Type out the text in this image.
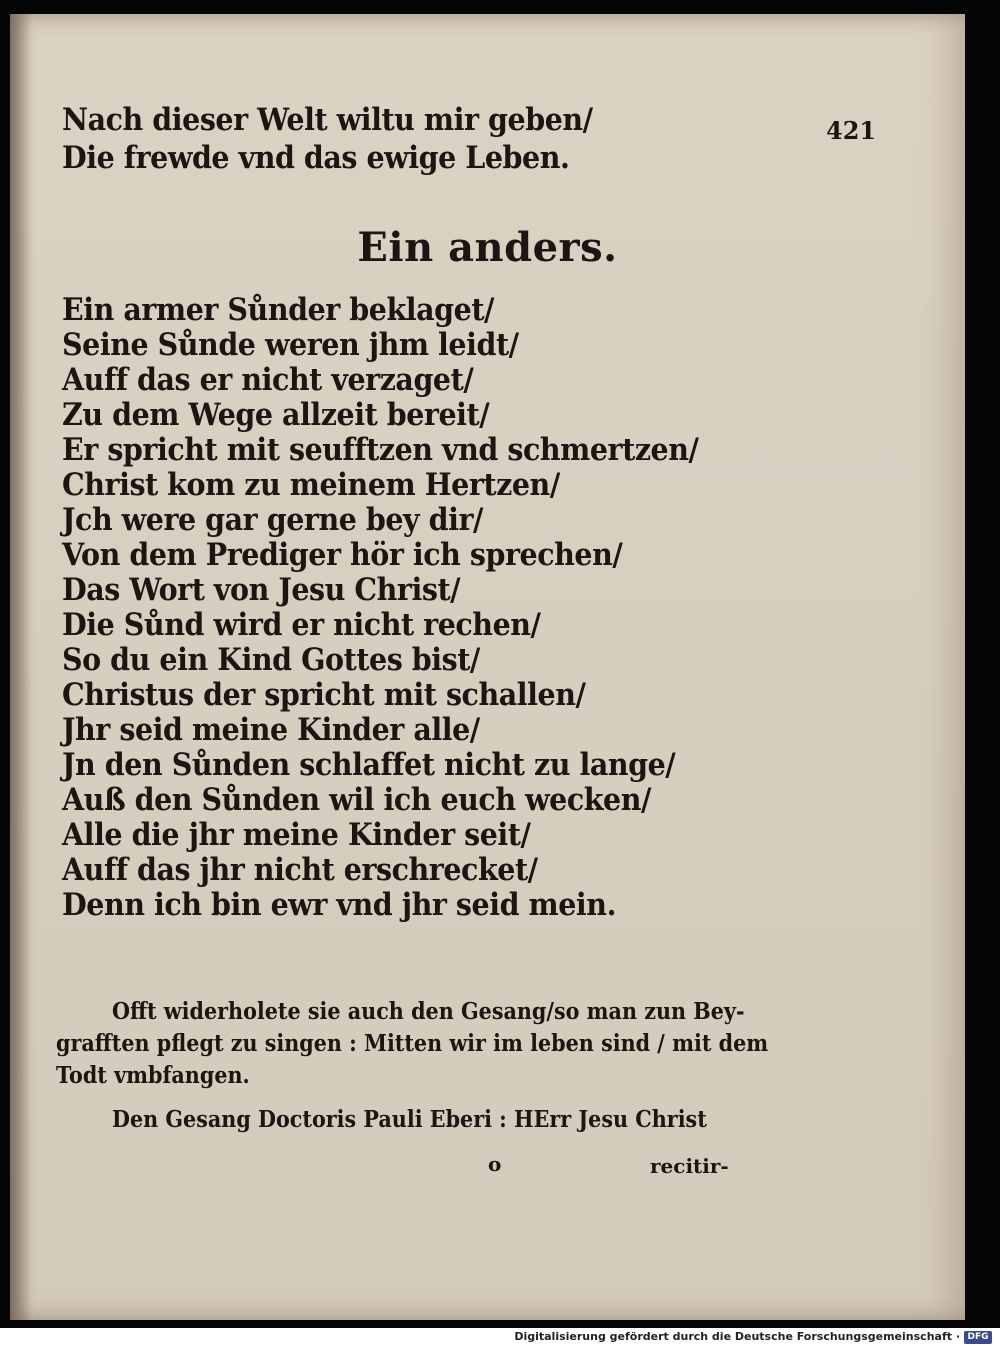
421
Nach dieser Welt wiltu mir geben/
Die frewde vnd das ewige Leben.
Ein anders.
Ein armer Sůnder beklaget/
Seine Sůnde weren jhm leidt/
Auff das er nicht verzaget/
Zu dem Wege allzeit bereit/
Er spricht mit seufftzen vnd schmertzen/
Christ kom zu meinem Hertzen/
Jch were gar gerne bey dir/
Von dem Prediger hör ich sprechen/
Das Wort von Jesu Christ/
Die Sůnd wird er nicht rechen/
So du ein Kind Gottes bist/
Christus der spricht mit schallen/
Jhr seid meine Kinder alle/
Jn den Sůnden schlaffet nicht zu lange/
Auß den Sůnden wil ich euch wecken/
Alle die jhr meine Kinder seit/
Auff das jhr nicht erschrecket/
Denn ich bin ewr vnd jhr seid mein.
Offt widerholete sie auch den Gesang/so man zun Bey-
grafften pflegt zu singen : Mitten wir im leben sind / mit dem
Todt vmbfangen.
Den Gesang Doctoris Pauli Eberi : HErr Jesu Christ
o	recitir-
Digitalisierung gefördert durch die Deutsche Forschungsgemeinschaft · DFG
